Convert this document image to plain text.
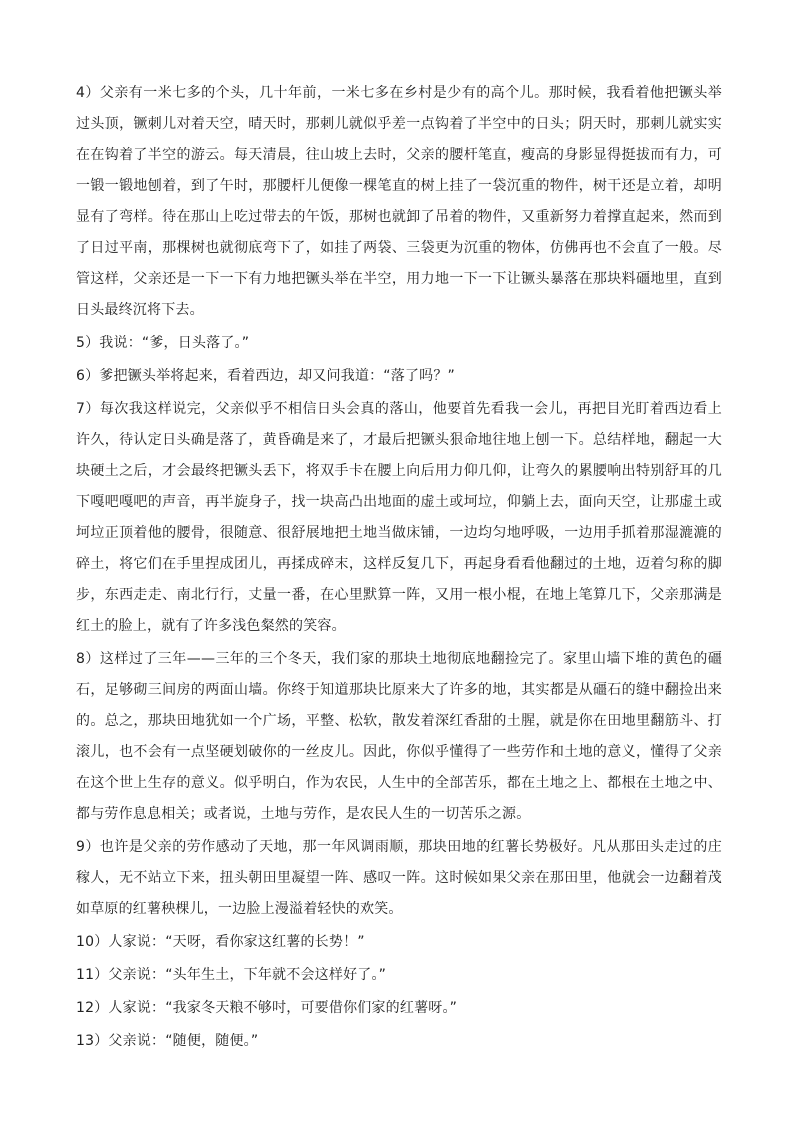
4）父亲有一米七多的个头，几十年前，一米七多在乡村是少有的高个儿。那时候，我看着他把镢头举过头顶，镢刺儿对着天空，晴天时，那刺儿就似乎差一点钩着了半空中的日头；阴天时，那刺儿就实实在在钩着了半空的游云。每天清晨，往山坡上去时，父亲的腰杆笔直，瘦高的身影显得挺拔而有力，可一锻一锻地刨着，到了午时，那腰杆儿便像一棵笔直的树上挂了一袋沉重的物件，树干还是立着，却明显有了弯样。待在那山上吃过带去的午饭，那树也就卸了吊着的物件，又重新努力着撑直起来，然而到了日过平南，那棵树也就彻底弯下了，如挂了两袋、三袋更为沉重的物体，仿佛再也不会直了一般。尽管这样，父亲还是一下一下有力地把镢头举在半空，用力地一下一下让镢头暴落在那块料礓地里，直到日头最终沉将下去。

5）我说：“爹，日头落了。”

6）爹把镢头举将起来，看着西边，却又问我道：“落了吗？”

7）每次我这样说完，父亲似乎不相信日头会真的落山，他要首先看我一会儿，再把目光盯着西边看上许久，待认定日头确是落了，黄昏确是来了，才最后把镢头狠命地往地上刨一下。总结样地，翻起一大块硬土之后，才会最终把镢头丢下，将双手卡在腰上向后用力仰几仰，让弯久的累腰响出特别舒耳的几下嘎吧嘎吧的声音，再半旋身子，找一块高凸出地面的虚土或坷垃，仰躺上去，面向天空，让那虚土或坷垃正顶着他的腰骨，很随意、很舒展地把土地当做床铺，一边均匀地呼吸，一边用手抓着那湿漉漉的碎土，将它们在手里捏成团儿，再揉成碎末，这样反复几下，再起身看看他翻过的土地，迈着匀称的脚步，东西走走、南北行行，丈量一番，在心里默算一阵，又用一根小棍，在地上笔算几下，父亲那满是红土的脸上，就有了许多浅色粲然的笑容。

8）这样过了三年——三年的三个冬天，我们家的那块土地彻底地翻捡完了。家里山墙下堆的黄色的礓石，足够砌三间房的两面山墙。你终于知道那块比原来大了许多的地，其实都是从礓石的缝中翻捡出来的。总之，那块田地犹如一个广场，平整、松软，散发着深红香甜的土腥，就是你在田地里翻筋斗、打滚儿，也不会有一点坚硬划破你的一丝皮儿。因此，你似乎懂得了一些劳作和土地的意义，懂得了父亲在这个世上生存的意义。似乎明白，作为农民，人生中的全部苦乐，都在土地之上、都根在土地之中、都与劳作息息相关；或者说，土地与劳作，是农民人生的一切苦乐之源。

9）也许是父亲的劳作感动了天地，那一年风调雨顺，那块田地的红薯长势极好。凡从那田头走过的庄稼人，无不站立下来，扭头朝田里凝望一阵、感叹一阵。这时候如果父亲在那田里，他就会一边翻着茂如草原的红薯秧棵儿，一边脸上漫溢着轻快的欢笑。

10）人家说：“天呀，看你家这红薯的长势！”

11）父亲说：“头年生土，下年就不会这样好了。”

12）人家说：“我家冬天粮不够吋，可要借你们家的红薯呀。”

13）父亲说：“随便，随便。”
